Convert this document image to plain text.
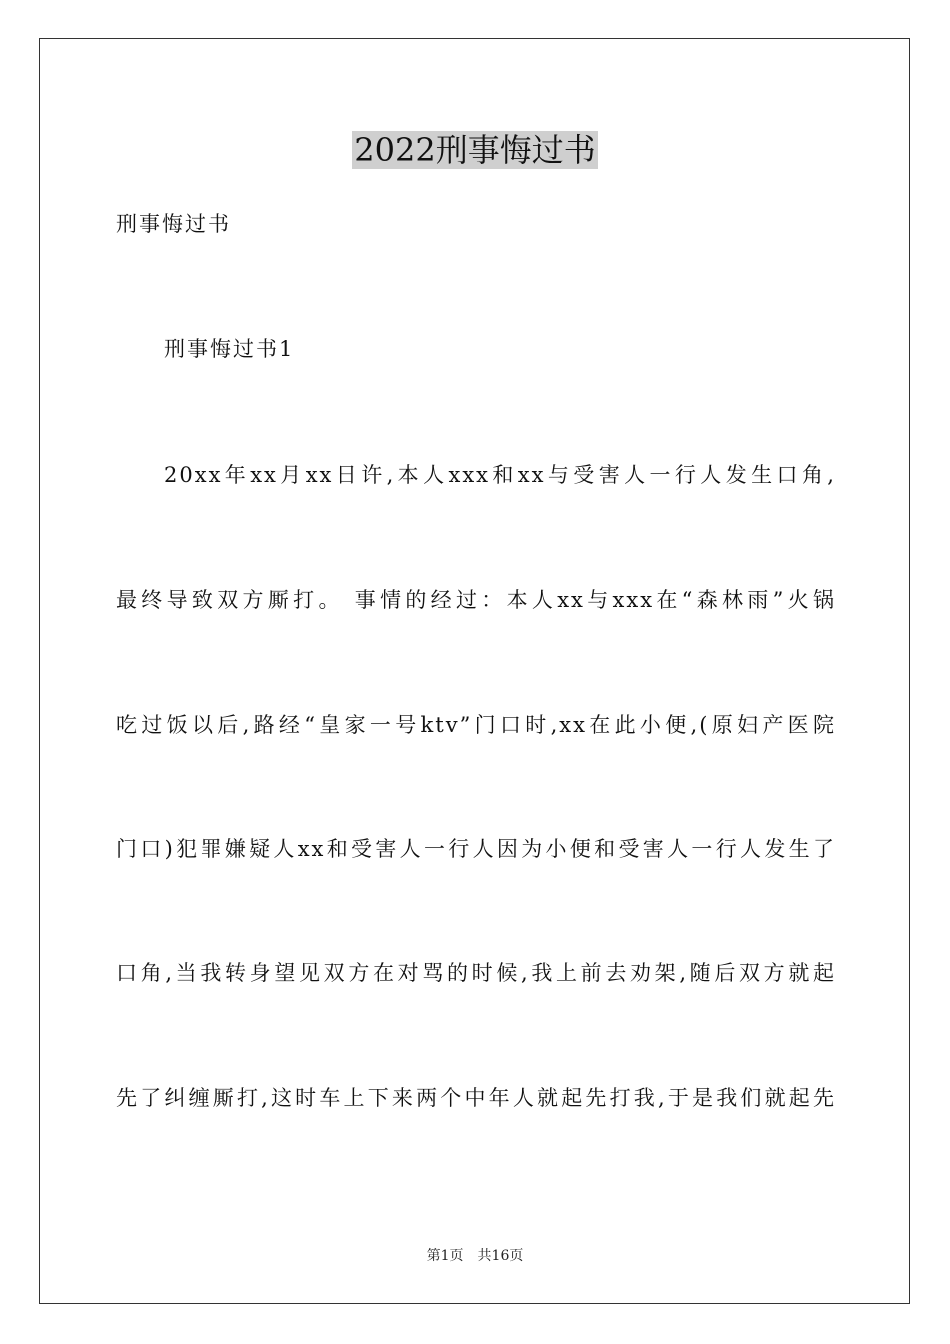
2022刑事悔过书
刑事悔过书
刑事悔过书1
20xx年xx月xx日许,本人xxx和xx与受害人一行人发生口角,
最终导致双方厮打。 事情的经过：本人xx与xxx在“森林雨”火锅
吃过饭以后,路经“皇家一号ktv”门口时,xx在此小便,(原妇产医院
门口)犯罪嫌疑人xx和受害人一行人因为小便和受害人一行人发生了
口角,当我转身望见双方在对骂的时候,我上前去劝架,随后双方就起
先了纠缠厮打,这时车上下来两个中年人就起先打我,于是我们就起先
第1页　共16页
